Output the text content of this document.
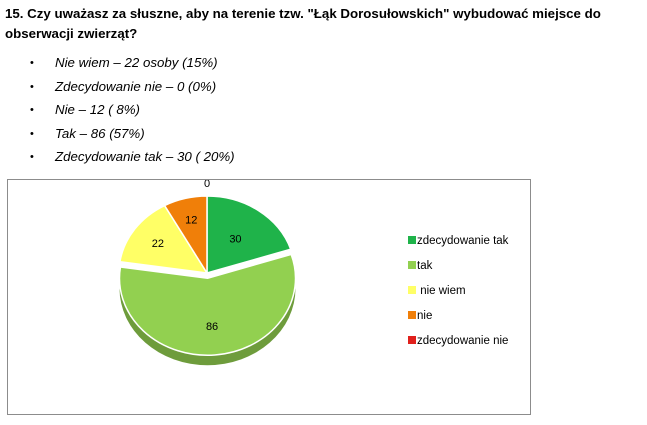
15. Czy uważasz za słuszne, aby na terenie tzw. "Łąk Dorosułowskich" wybudować miejsce do obserwacji zwierząt?
• Nie wiem – 22 osoby (15%)
• Zdecydowanie nie – 0 (0%)
• Nie – 12 ( 8%)
• Tak – 86 (57%)
• Zdecydowanie tak – 30 ( 20%)
30
86
22
12
0
zdecydowanie tak
tak
nie wiem
nie
zdecydowanie nie
